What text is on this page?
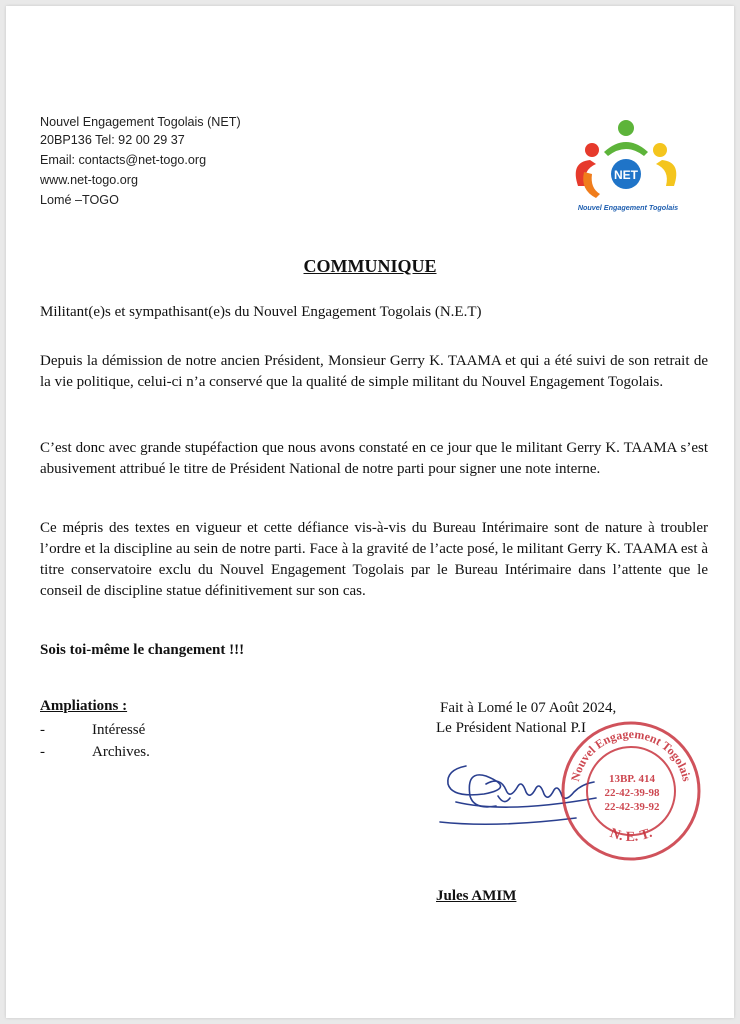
Nouvel Engagement Togolais (NET)
20BP136 Tel: 92 00 29 37
Email: contacts@net-togo.org
www.net-togo.org
Lomé –TOGO
NET
Nouvel Engagement Togolais
COMMUNIQUE
Militant(e)s et sympathisant(e)s du Nouvel Engagement Togolais (N.E.T)
Depuis la démission de notre ancien Président, Monsieur Gerry K. TAAMA et qui a été suivi de son retrait de la vie politique, celui-ci n’a conservé que la qualité de simple militant du Nouvel Engagement Togolais.
C’est donc avec grande stupéfaction que nous avons constaté en ce jour que le militant Gerry K. TAAMA s’est abusivement attribué le titre de Président National de notre parti pour signer une note interne.
Ce mépris des textes en vigueur et cette défiance vis-à-vis du Bureau Intérimaire sont de nature à troubler l’ordre et la discipline au sein de notre parti. Face à la gravité de l’acte posé, le militant Gerry K. TAAMA est à titre conservatoire exclu du Nouvel Engagement Togolais par le Bureau Intérimaire dans l’attente que le conseil de discipline statue définitivement sur son cas.
Sois toi-même le changement !!!
Ampliations :
- Intéressé
- Archives.
Fait à Lomé le 07 Août 2024,
Le Président National P.I
Nouvel Engagement Togolais
N. E. T.
13BP. 414
22-42-39-98
22-42-39-92
Jules AMIM
